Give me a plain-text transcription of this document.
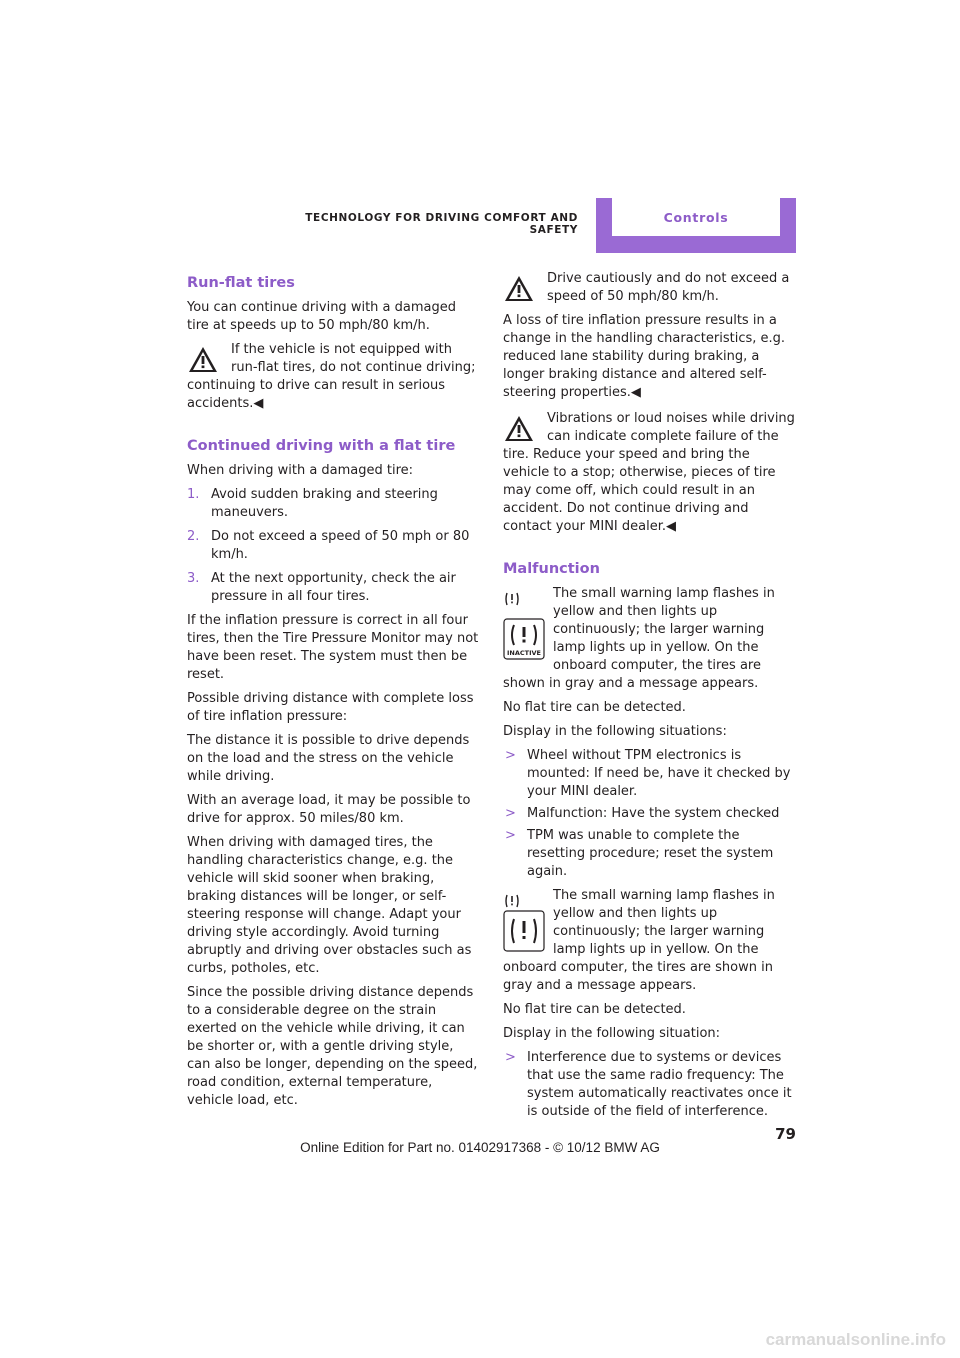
TECHNOLOGY FOR DRIVING COMFORT AND SAFETY
Controls
Run-flat tires

You can continue driving with a damaged tire at speeds up to 50 mph/80 km/h.

If the vehicle is not equipped with run-flat tires, do not continue driving; continuing to drive can result in serious accidents.◀

Continued driving with a flat tire

When driving with a damaged tire:

1. Avoid sudden braking and steering maneuvers.
2. Do not exceed a speed of 50 mph or 80 km/h.
3. At the next opportunity, check the air pressure in all four tires.

If the inflation pressure is correct in all four tires, then the Tire Pressure Monitor may not have been reset. The system must then be reset.

Possible driving distance with complete loss of tire inflation pressure:

The distance it is possible to drive depends on the load and the stress on the vehicle while driving.

With an average load, it may be possible to drive for approx. 50 miles/80 km.

When driving with damaged tires, the handling characteristics change, e.g. the vehicle will skid sooner when braking, braking distances will be longer, or self-steering response will change. Adapt your driving style accordingly. Avoid turning abruptly and driving over obstacles such as curbs, potholes, etc.

Since the possible driving distance depends to a considerable degree on the strain exerted on the vehicle while driving, it can be shorter or, with a gentle driving style, can also be longer, depending on the speed, road condition, external temperature, vehicle load, etc.

Drive cautiously and do not exceed a speed of 50 mph/80 km/h.

A loss of tire inflation pressure results in a change in the handling characteristics, e.g. reduced lane stability during braking, a longer braking distance and altered self-steering properties.◀

Vibrations or loud noises while driving can indicate complete failure of the tire. Reduce your speed and bring the vehicle to a stop; otherwise, pieces of tire may come off, which could result in an accident. Do not continue driving and contact your MINI dealer.◀

Malfunction
INACTIVE

The small warning lamp flashes in yellow and then lights up continuously; the larger warning lamp lights up in yellow. On the onboard computer, the tires are shown in gray and a message appears.

No flat tire can be detected.

Display in the following situations:

> Wheel without TPM electronics is mounted: If need be, have it checked by your MINI dealer.
> Malfunction: Have the system checked
> TPM was unable to complete the resetting procedure; reset the system again.

The small warning lamp flashes in yellow and then lights up continuously; the larger warning lamp lights up in yellow. On the onboard computer, the tires are shown in gray and a message appears.

No flat tire can be detected.

Display in the following situation:

> Interference due to systems or devices that use the same radio frequency: The system automatically reactivates once it is outside of the field of interference.
79
Online Edition for Part no. 01402917368 - © 10/12 BMW AG
carmanualsonline.info
